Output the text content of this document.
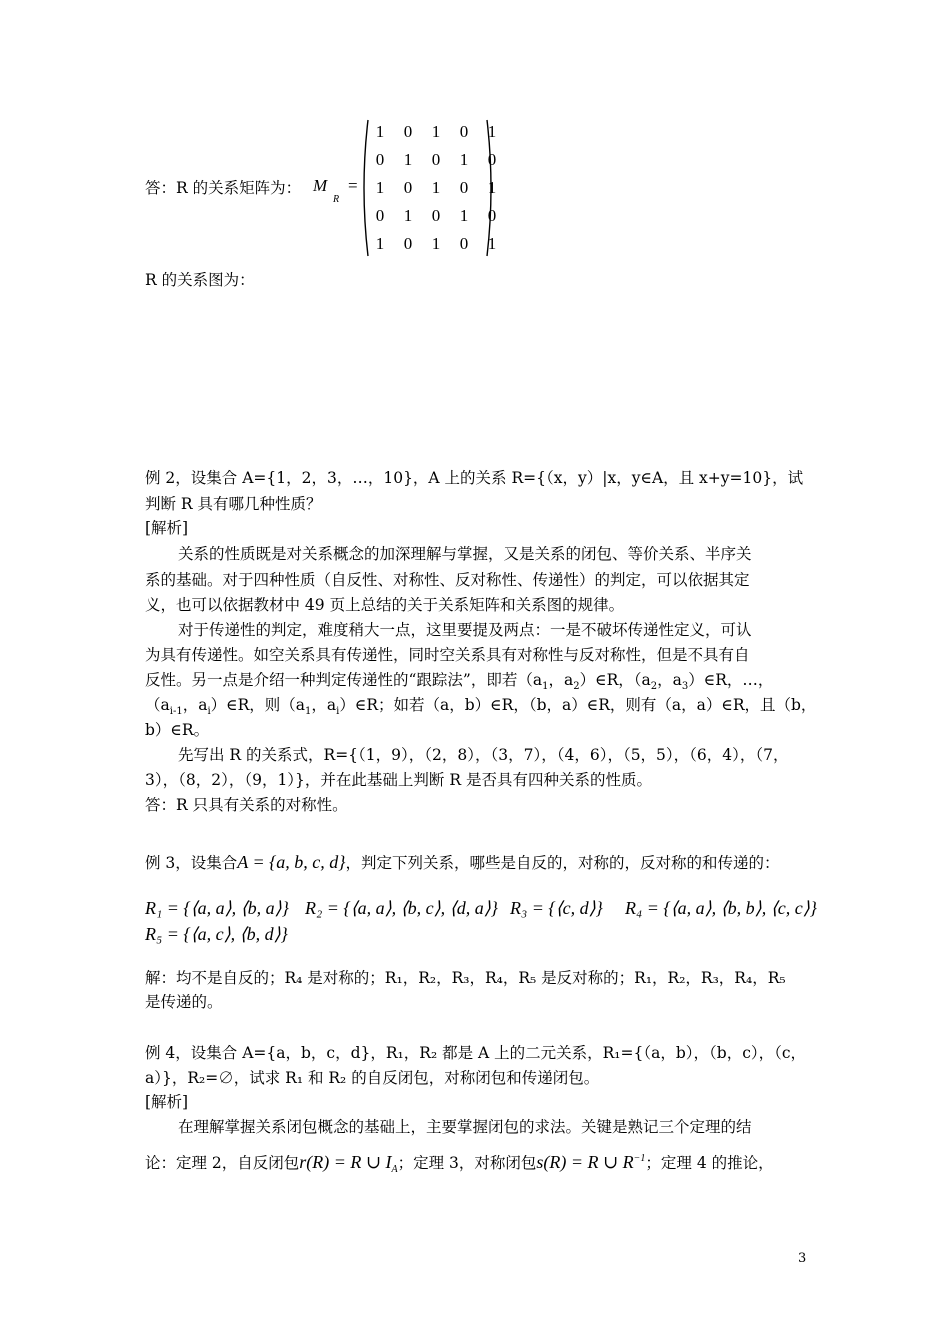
答：R 的关系矩阵为： M
R
=
1	0	1	0	1
0	1	0	1	0
1	0	1	0	1
0	1	0	1	0
1	0	1	0	1
R 的关系图为：
例 2，设集合 A={1，2，3，…，10}，A 上的关系 R={（x，y）|x，y∈A，且 x+y=10}，试
判断 R 具有哪几种性质？
[解析]
关系的性质既是对关系概念的加深理解与掌握，又是关系的闭包、等价关系、半序关
系的基础。对于四种性质（自反性、对称性、反对称性、传递性）的判定，可以依据其定
义，也可以依据教材中 49 页上总结的关于关系矩阵和关系图的规律。
对于传递性的判定，难度稍大一点，这里要提及两点：一是不破坏传递性定义，可认
为具有传递性。如空关系具有传递性，同时空关系具有对称性与反对称性，但是不具有自
反性。另一点是介绍一种判定传递性的“跟踪法”，即若（$a_1$，$a_2)\in R$，（$a_2$，$a_3)\in R$，…，
（$a_{i-1}$，$a_i)\in R$，则（$a_1$，$a_i)\in R$；如若（a，b）∈R，（b，a）∈R，则有（a，a）∈R，且（b，
b）∈R。
先写出 R 的关系式，R={（1，9），（2，8），（3，7），（4，6），（5，5），（6，4），（7，
3），（8，2），（9，1）}，并在此基础上判断 R 是否具有四种关系的性质。
答：R 只具有关系的对称性。
例 3，设集合A = {a, b, c, d}，判定下列关系，哪些是自反的，对称的，反对称的和传递的：
R₁ = {⟨a, a⟩, ⟨b, a⟩} R₂ = {⟨a, a⟩, ⟨b, c⟩, ⟨d, a⟩} R₃ = {⟨c, d⟩} R₄ = {⟨a, a⟩, ⟨b, b⟩, ⟨c, c⟩}
R₅ = {⟨a, c⟩, ⟨b, d⟩}
解：均不是自反的；R₄ 是对称的；R₁，R₂，R₃，R₄，R₅ 是反对称的；R₁，R₂，R₃，R₄，R₅
是传递的。
例 4，设集合 A={a，b，c，d}，R₁，R₂ 都是 A 上的二元关系，R₁={（a，b），（b，c），（c，
a）}，R₂=∅，试求 R₁ 和 R₂ 的自反闭包，对称闭包和传递闭包。
[解析]
在理解掌握关系闭包概念的基础上，主要掌握闭包的求法。关键是熟记三个定理的结
论：定理 2，自反闭包r(R) = R ∪ $I_A$；定理 3，对称闭包s(R) = R ∪ $R^{-1}$；定理 4 的推论，
3
